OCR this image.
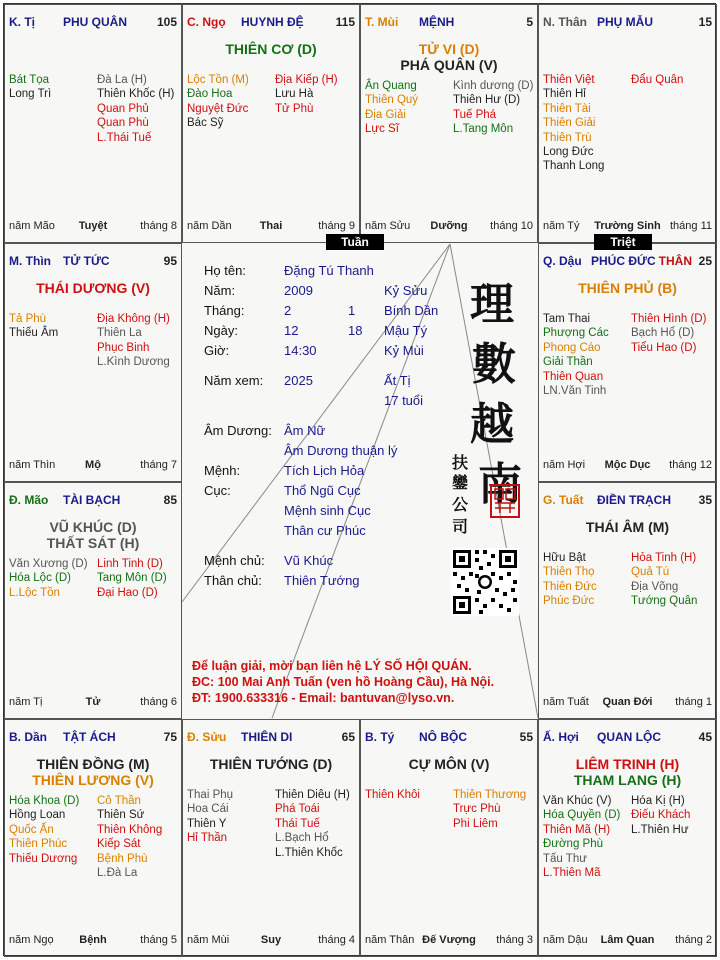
K. Tị PHU QUÂN 105
Bát Tọa
Long Trì
Đà La (H)
Thiên Khốc (H)
Quan Phủ
Quan Phù
L.Thái Tuế
năm Mão	Tuyệt	tháng 8
C. Ngọ HUYNH ĐỆ	115
THIÊN CƠ (D)
Lộc Tồn (M)
Đào Hoa
Nguyệt Đức
Bác Sỹ
Địa Kiếp (H)
Lưu Hà
Tử Phù
năm Dần	Thai	tháng 9
T. Mùi MỆNH	5
TỬ VI (D)
PHÁ QUÂN (V)
Ân Quang
Thiên Quý
Địa Giải
Lực Sĩ
Kình dương (D)
Thiên Hư (D)
Tuế Phá
L.Tang Môn
năm Sửu	Dưỡng	tháng 10
N. Thân PHỤ MẪU	15
Thiên Việt
Thiên Hỉ
Thiên Tài
Thiên Giải
Thiên Trù
Long Đức
Thanh Long
Đẩu Quân
năm Tý	Trường Sinh tháng 11
M. Thìn TỬ TỨC	95
THÁI DƯƠNG (V)
Tả Phù
Thiếu Âm
Địa Không (H)
Thiên La
Phục Binh
L.Kình Dương
năm Thìn	Mộ	tháng 7
Q. Dậu PHÚC ĐỨC	25
THÂN
THIÊN PHỦ (B)
Tam Thai
Phượng Các
Phong Cáo
Giải Thần
Thiên Quan
LN.Văn Tinh
Thiên Hình (D)
Bạch Hổ (D)
Tiểu Hao (D)
năm Hợi	Mộc Dục	tháng 12
Đ. Mão TÀI BẠCH	85
VŨ KHÚC (D)
THẤT SÁT (H)
Văn Xương (D)
Hóa Lộc (D)
L.Lộc Tồn
Linh Tinh (D)
Tang Môn (D)
Đại Hao (D)
năm Tị	Tử	tháng 6
G. Tuất ĐIỀN TRẠCH 35
THÁI ÂM (M)
Hữu Bật
Thiên Thọ
Thiên Đức
Phúc Đức
Hỏa Tinh (H)
Quả Tú
Địa Võng
Tướng Quân
năm Tuất	Quan Đới	tháng 1
B. Dần TẬT ÁCH	75
THIÊN ĐỒNG (M)
THIÊN LƯƠNG (V)
Hóa Khoa (D)
Hồng Loan
Quốc Ấn
Thiên Phúc
Thiếu Dương
Cô Thần
Thiên Sứ
Thiên Không
Kiếp Sát
Bệnh Phù
L.Đà La
năm Ngọ	Bệnh	tháng 5
Đ. Sửu THIÊN DI	65
THIÊN TƯỚNG (D)
Thai Phụ
Hoa Cái
Thiên Y
Hỉ Thần
Thiên Diêu (H)
Phá Toái
Thái Tuế
L.Bạch Hổ
L.Thiên Khốc
năm Mùi	Suy	tháng 4
B. Tý NÔ BỘC	55
CỰ MÔN (V)
Thiên Khôi	Thiên Thương
Trực Phù
Phi Liêm
năm Thân Đế Vượng	tháng 3
Ấ. Hợi QUAN LỘC	45
LIÊM TRINH (H)
THAM LANG (H)
Văn Khúc (V)
Hóa Quyền (D)
Thiên Mã (H)
Đường Phù
Tấu Thư
L.Thiên Mã
Hóa Kị (H)
Điếu Khách
L.Thiên Hư
năm Dậu	Lâm Quan	tháng 2
Tuần	Triệt
Họ tên:	Đặng Tú Thanh
Năm:	2009	Kỷ Sửu
Tháng:	2	1 Bính Dần
Ngày:	12	18 Mậu Tý
Giờ:	14:30	Kỷ Mùi
Năm xem: 2025	Ất Tị
17 tuổi
Âm Dương: Âm Nữ
Âm Dương thuận lý
Mệnh:	Tích Lịch Hỏa
Cục:	Thổ Ngũ Cục
Mệnh sinh Cục
Thân cư Phúc
Mệnh chủ: Vũ Khúc
Thân chủ: Thiên Tướng
理
數
越
南
扶
鑾
公
司
Để luận giải, mời bạn liên hệ LÝ SỐ HỘI QUÁN.
ĐC: 100 Mai Anh Tuấn (ven hồ Hoàng Cầu), Hà Nội.
ĐT: 1900.633316 - Email: bantuvan@lyso.vn.
